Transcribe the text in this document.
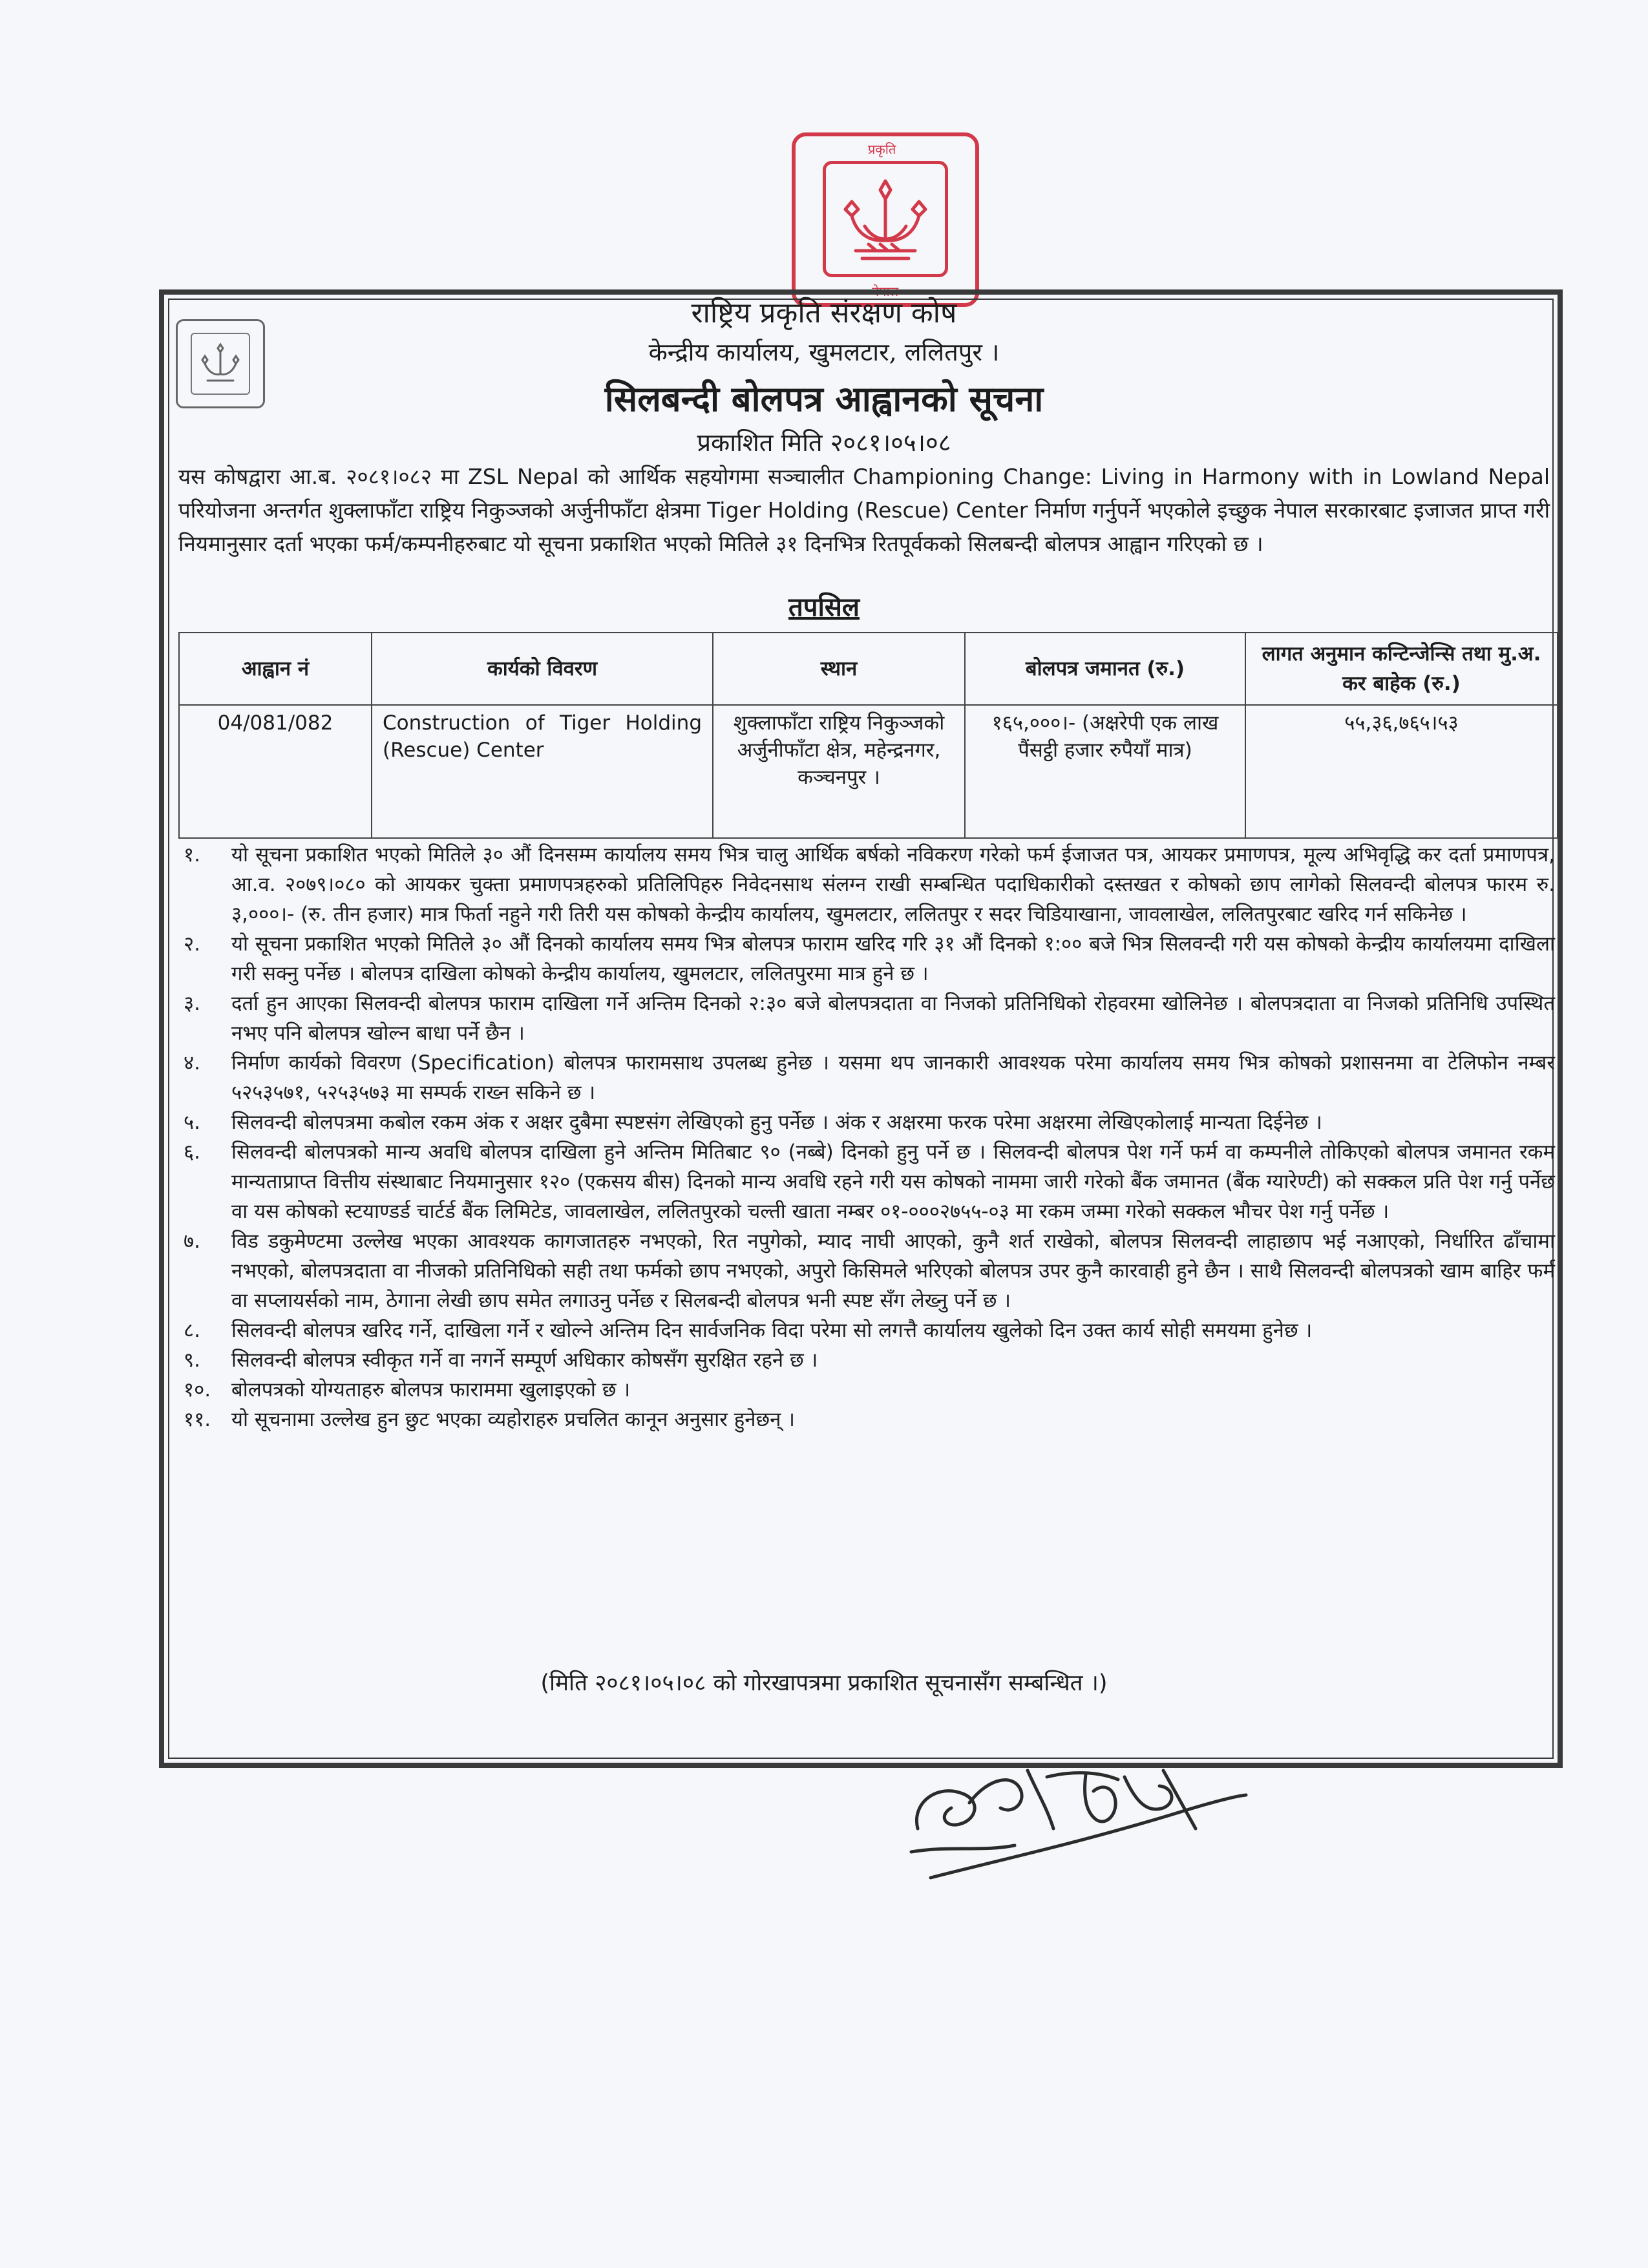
प्रकृति
नेपाल
राष्ट्रिय प्रकृति संरक्षण कोष
केन्द्रीय कार्यालय, खुमलटार, ललितपुर ।
सिलबन्दी बोलपत्र आह्वानको सूचना
प्रकाशित मिति २०८१।०५।०८
यस कोषद्वारा आ.ब. २०८१।०८२ मा ZSL Nepal को आर्थिक सहयोगमा सञ्चालीत Championing Change: Living in Harmony with in Lowland Nepal परियोजना अन्तर्गत शुक्लाफाँटा राष्ट्रिय निकुञ्जको अर्जुनीफाँटा क्षेत्रमा Tiger Holding (Rescue) Center निर्माण गर्नुपर्ने भएकोले इच्छुक नेपाल सरकारबाट इजाजत प्राप्त गरी नियमानुसार दर्ता भएका फर्म/कम्पनीहरुबाट यो सूचना प्रकाशित भएको मितिले ३१ दिनभित्र रितपूर्वकको सिलबन्दी बोलपत्र आह्वान गरिएको छ ।
तपसिल
आह्वान नं	कार्यको विवरण	स्थान	बोलपत्र जमानत (रु.)	लागत अनुमान कन्टिन्जेन्सि तथा मु.अ. कर बाहेक (रु.)
04/081/082	Construction of Tiger Holding (Rescue) Center	शुक्लाफाँटा राष्ट्रिय निकुञ्जको अर्जुनीफाँटा क्षेत्र, महेन्द्रनगर, कञ्चनपुर ।	१६५,०००।- (अक्षरेपी एक लाख पैंसट्ठी हजार रुपैयाँ मात्र)	५५,३६,७६५।५३
१. यो सूचना प्रकाशित भएको मितिले ३० औं दिनसम्म कार्यालय समय भित्र चालु आर्थिक बर्षको नविकरण गरेको फर्म ईजाजत पत्र, आयकर प्रमाणपत्र, मूल्य अभिवृद्धि कर दर्ता प्रमाणपत्र, आ.व. २०७९।०८० को आयकर चुक्ता प्रमाणपत्रहरुको प्रतिलिपिहरु निवेदनसाथ संलग्न राखी सम्बन्धित पदाधिकारीको दस्तखत र कोषको छाप लागेको सिलवन्दी बोलपत्र फारम रु. ३,०००।- (रु. तीन हजार) मात्र फिर्ता नहुने गरी तिरी यस कोषको केन्द्रीय कार्यालय, खुमलटार, ललितपुर र सदर चिडियाखाना, जावलाखेल, ललितपुरबाट खरिद गर्न सकिनेछ ।
२. यो सूचना प्रकाशित भएको मितिले ३० औं दिनको कार्यालय समय भित्र बोलपत्र फाराम खरिद गरि ३१ औं दिनको १:०० बजे भित्र सिलवन्दी गरी यस कोषको केन्द्रीय कार्यालयमा दाखिला गरी सक्नु पर्नेछ । बोलपत्र दाखिला कोषको केन्द्रीय कार्यालय, खुमलटार, ललितपुरमा मात्र हुने छ ।
३. दर्ता हुन आएका सिलवन्दी बोलपत्र फाराम दाखिला गर्ने अन्तिम दिनको २:३० बजे बोलपत्रदाता वा निजको प्रतिनिधिको रोहवरमा खोलिनेछ । बोलपत्रदाता वा निजको प्रतिनिधि उपस्थित नभए पनि बोलपत्र खोल्न बाधा पर्ने छैन ।
४. निर्माण कार्यको विवरण (Specification) बोलपत्र फारामसाथ उपलब्ध हुनेछ । यसमा थप जानकारी आवश्यक परेमा कार्यालय समय भित्र कोषको प्रशासनमा वा टेलिफोन नम्बर ५२५३५७१, ५२५३५७३ मा सम्पर्क राख्न सकिने छ ।
५. सिलवन्दी बोलपत्रमा कबोल रकम अंक र अक्षर दुबैमा स्पष्टसंग लेखिएको हुनु पर्नेछ । अंक र अक्षरमा फरक परेमा अक्षरमा लेखिएकोलाई मान्यता दिईनेछ ।
६. सिलवन्दी बोलपत्रको मान्य अवधि बोलपत्र दाखिला हुने अन्तिम मितिबाट ९० (नब्बे) दिनको हुनु पर्ने छ । सिलवन्दी बोलपत्र पेश गर्ने फर्म वा कम्पनीले तोकिएको बोलपत्र जमानत रकम मान्यताप्राप्त वित्तीय संस्थाबाट नियमानुसार १२० (एकसय बीस) दिनको मान्य अवधि रहने गरी यस कोषको नाममा जारी गरेको बैंक जमानत (बैंक ग्यारेण्टी) को सक्कल प्रति पेश गर्नु पर्नेछ वा यस कोषको स्टयाण्डर्ड चार्टर्ड बैंक लिमिटेड, जावलाखेल, ललितपुरको चल्ती खाता नम्बर ०१-०००२७५५-०३ मा रकम जम्मा गरेको सक्कल भौचर पेश गर्नु पर्नेछ ।
७. विड डकुमेण्टमा उल्लेख भएका आवश्यक कागजातहरु नभएको, रित नपुगेको, म्याद नाघी आएको, कुनै शर्त राखेको, बोलपत्र सिलवन्दी लाहाछाप भई नआएको, निर्धारित ढाँचामा नभएको, बोलपत्रदाता वा नीजको प्रतिनिधिको सही तथा फर्मको छाप नभएको, अपुरो किसिमले भरिएको बोलपत्र उपर कुनै कारवाही हुने छैन । साथै सिलवन्दी बोलपत्रको खाम बाहिर फर्म वा सप्लायर्सको नाम, ठेगाना लेखी छाप समेत लगाउनु पर्नेछ र सिलबन्दी बोलपत्र भनी स्पष्ट सँग लेख्नु पर्ने छ ।
८. सिलवन्दी बोलपत्र खरिद गर्ने, दाखिला गर्ने र खोल्ने अन्तिम दिन सार्वजनिक विदा परेमा सो लगत्तै कार्यालय खुलेको दिन उक्त कार्य सोही समयमा हुनेछ ।
९. सिलवन्दी बोलपत्र स्वीकृत गर्ने वा नगर्ने सम्पूर्ण अधिकार कोषसँग सुरक्षित रहने छ ।
१०. बोलपत्रको योग्यताहरु बोलपत्र फाराममा खुलाइएको छ ।
११. यो सूचनामा उल्लेख हुन छुट भएका व्यहोराहरु प्रचलित कानून अनुसार हुनेछन् ।
(मिति २०८१।०५।०८ को गोरखापत्रमा प्रकाशित सूचनासँग सम्बन्धित ।)
